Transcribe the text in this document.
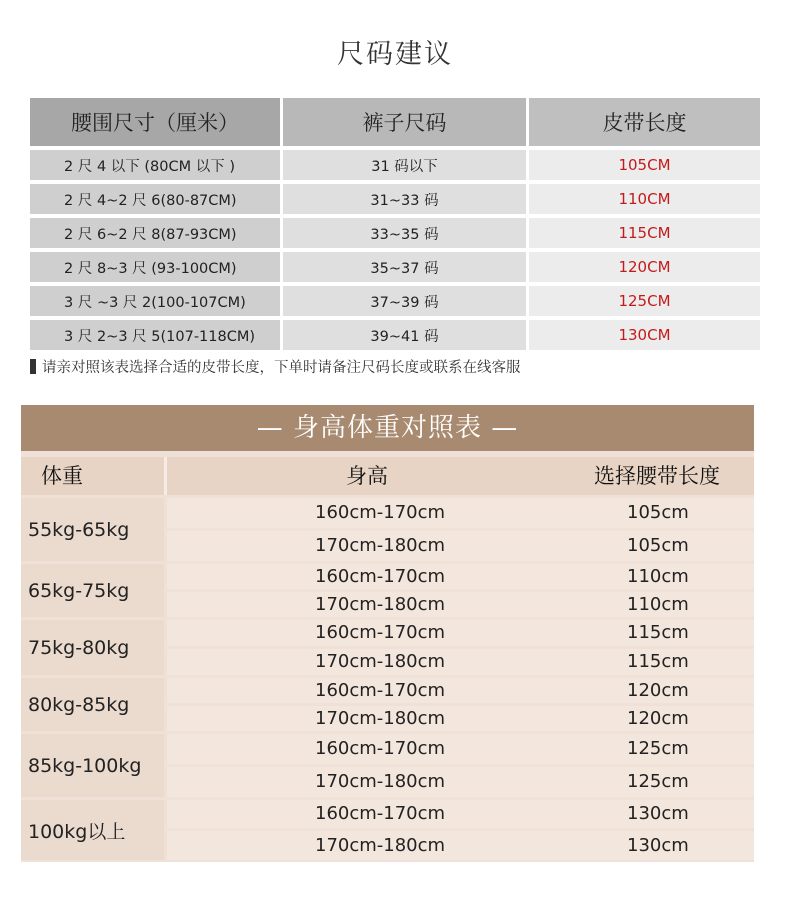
尺码建议
腰围尺寸（厘米）	裤子尺码	皮带长度
2 尺 4 以下 (80CM 以下 )	31 码以下	105CM
2 尺 4~2 尺 6(80-87CM)	31~33 码	110CM
2 尺 6~2 尺 8(87-93CM)	33~35 码	115CM
2 尺 8~3 尺 (93-100CM)	35~37 码	120CM
3 尺 ~3 尺 2(100-107CM)	37~39 码	125CM
3 尺 2~3 尺 5(107-118CM)	39~41 码	130CM
请亲对照该表选择合适的皮带长度，下单时请备注尺码长度或联系在线客服
— 身高体重对照表 —
体重	身高	选择腰带长度
55kg-65kg
160cm-170cm	105cm
170cm-180cm	105cm
65kg-75kg
160cm-170cm	110cm
170cm-180cm	110cm
75kg-80kg
160cm-170cm	115cm
170cm-180cm	115cm
80kg-85kg
160cm-170cm	120cm
170cm-180cm	120cm
85kg-100kg
160cm-170cm	125cm
170cm-180cm	125cm
100kg以上
160cm-170cm	130cm
170cm-180cm	130cm
